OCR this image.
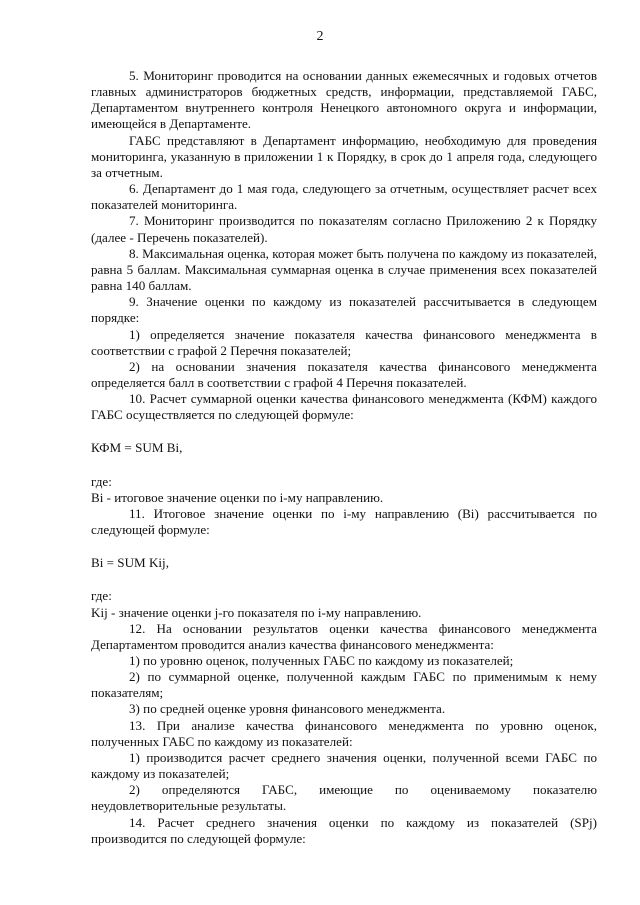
2

5. Мониторинг проводится на основании данных ежемесячных и годовых отчетов главных администраторов бюджетных средств, информации, представляемой ГАБС, Департаментом внутреннего контроля Ненецкого автономного округа и информации, имеющейся в Департаменте.

ГАБС представляют в Департамент информацию, необходимую для проведения мониторинга, указанную в приложении 1 к Порядку, в срок до 1 апреля года, следующего за отчетным.

6. Департамент до 1 мая года, следующего за отчетным, осуществляет расчет всех показателей мониторинга.

7. Мониторинг производится по показателям согласно Приложению 2 к Порядку (далее - Перечень показателей).

8. Максимальная оценка, которая может быть получена по каждому из показателей, равна 5 баллам. Максимальная суммарная оценка в случае применения всех показателей равна 140 баллам.

9. Значение оценки по каждому из показателей рассчитывается в следующем порядке:

1) определяется значение показателя качества финансового менеджмента в соответствии с графой 2 Перечня показателей;

2) на основании значения показателя качества финансового менеджмента определяется балл в соответствии с графой 4 Перечня показателей.

10. Расчет суммарной оценки качества финансового менеджмента (КФМ) каждого ГАБС осуществляется по следующей формуле:

КФМ = SUM Bi,

где:

Bi - итоговое значение оценки по i-му направлению.

11. Итоговое значение оценки по i-му направлению (Bi) рассчитывается по следующей формуле:

Bi = SUM Kij,

где:

Kij - значение оценки j-го показателя по i-му направлению.

12. На основании результатов оценки качества финансового менеджмента Департаментом проводится анализ качества финансового менеджмента:

1) по уровню оценок, полученных ГАБС по каждому из показателей;

2) по суммарной оценке, полученной каждым ГАБС по применимым к нему показателям;

3) по средней оценке уровня финансового менеджмента.

13. При анализе качества финансового менеджмента по уровню оценок, полученных ГАБС по каждому из показателей:

1) производится расчет среднего значения оценки, полученной всеми ГАБС по каждому из показателей;

2) определяются ГАБС, имеющие по оцениваемому показателю неудовлетворительные результаты.

14. Расчет среднего значения оценки по каждому из показателей (SPj) производится по следующей формуле:
